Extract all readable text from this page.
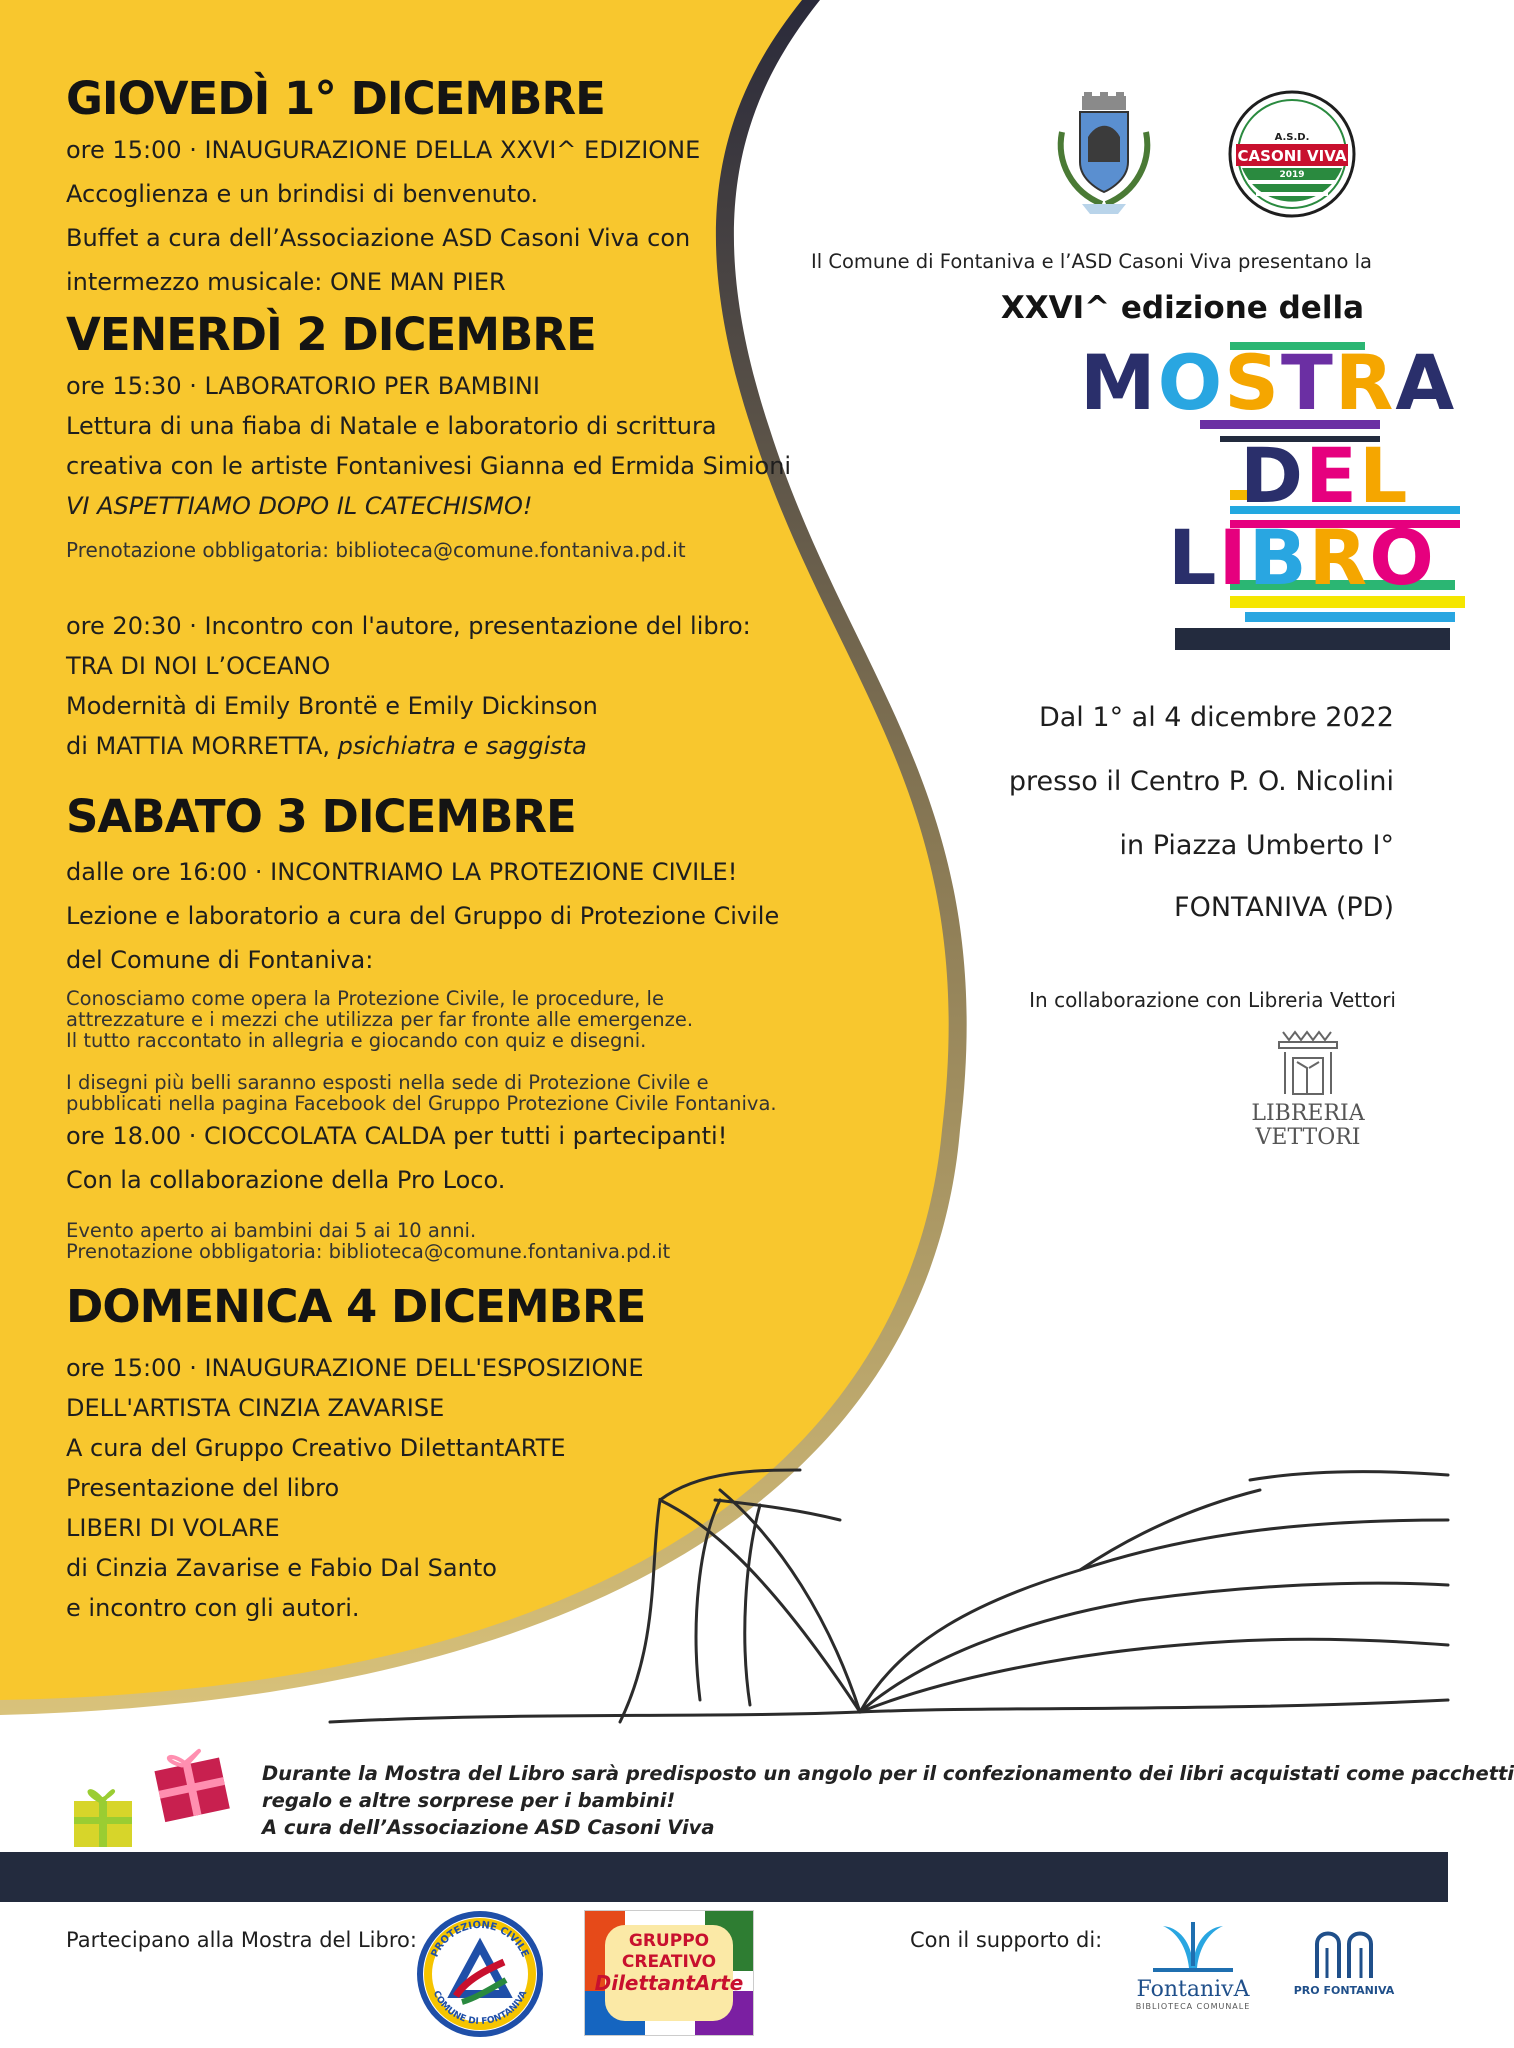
GIOVEDÌ 1° DICEMBRE
ore 15:00 · INAUGURAZIONE DELLA XXVI^ EDIZIONE
Accoglienza e un brindisi di benvenuto.
Buffet a cura dell’Associazione ASD Casoni Viva con
intermezzo musicale: ONE MAN PIER
VENERDÌ 2 DICEMBRE
ore 15:30 · LABORATORIO PER BAMBINI
Lettura di una fiaba di Natale e laboratorio di scrittura
creativa con le artiste Fontanivesi Gianna ed Ermida Simioni
VI ASPETTIAMO DOPO IL CATECHISMO!
Prenotazione obbligatoria: biblioteca@comune.fontaniva.pd.it
ore 20:30 · Incontro con l'autore, presentazione del libro:
TRA DI NOI L’OCEANO
Modernità di Emily Brontë e Emily Dickinson
di MATTIA MORRETTA, psichiatra e saggista
SABATO 3 DICEMBRE
dalle ore 16:00 · INCONTRIAMO LA PROTEZIONE CIVILE!
Lezione e laboratorio a cura del Gruppo di Protezione Civile
del Comune di Fontaniva:
Conosciamo come opera la Protezione Civile, le procedure, le
attrezzature e i mezzi che utilizza per far fronte alle emergenze.
Il tutto raccontato in allegria e giocando con quiz e disegni.
I disegni più belli saranno esposti nella sede di Protezione Civile e
pubblicati nella pagina Facebook del Gruppo Protezione Civile Fontaniva.
ore 18.00 · CIOCCOLATA CALDA per tutti i partecipanti!
Con la collaborazione della Pro Loco.
Evento aperto ai bambini dai 5 ai 10 anni.
Prenotazione obbligatoria: biblioteca@comune.fontaniva.pd.it
DOMENICA 4 DICEMBRE
ore 15:00 · INAUGURAZIONE DELL'ESPOSIZIONE
DELL'ARTISTA CINZIA ZAVARISE
A cura del Gruppo Creativo DilettantARTE
Presentazione del libro
LIBERI DI VOLARE
di Cinzia Zavarise e Fabio Dal Santo
e incontro con gli autori.
A.S.D.
CASONI VIVA
2019
Il Comune di Fontaniva e l’ASD Casoni Viva presentano la
XXVI^ edizione della
MOSTRA
DEL
LIBRO
Dal 1° al 4 dicembre 2022
presso il Centro P. O. Nicolini
in Piazza Umberto I°
FONTANIVA (PD)
In collaborazione con Libreria Vettori
LIBRERIA
VETTORI
Durante la Mostra del Libro sarà predisposto un angolo per il confezionamento dei libri acquistati come pacchetti
regalo e altre sorprese per i bambini!
A cura dell’Associazione ASD Casoni Viva
Partecipano alla Mostra del Libro:
PROTEZIONE CIVILE
COMUNE DI FONTANIVA
GRUPPO
CREATIVO
DilettantArte
Con il supporto di:
FontanivA
BIBLIOTECA COMUNALE
PRO FONTANIVA
